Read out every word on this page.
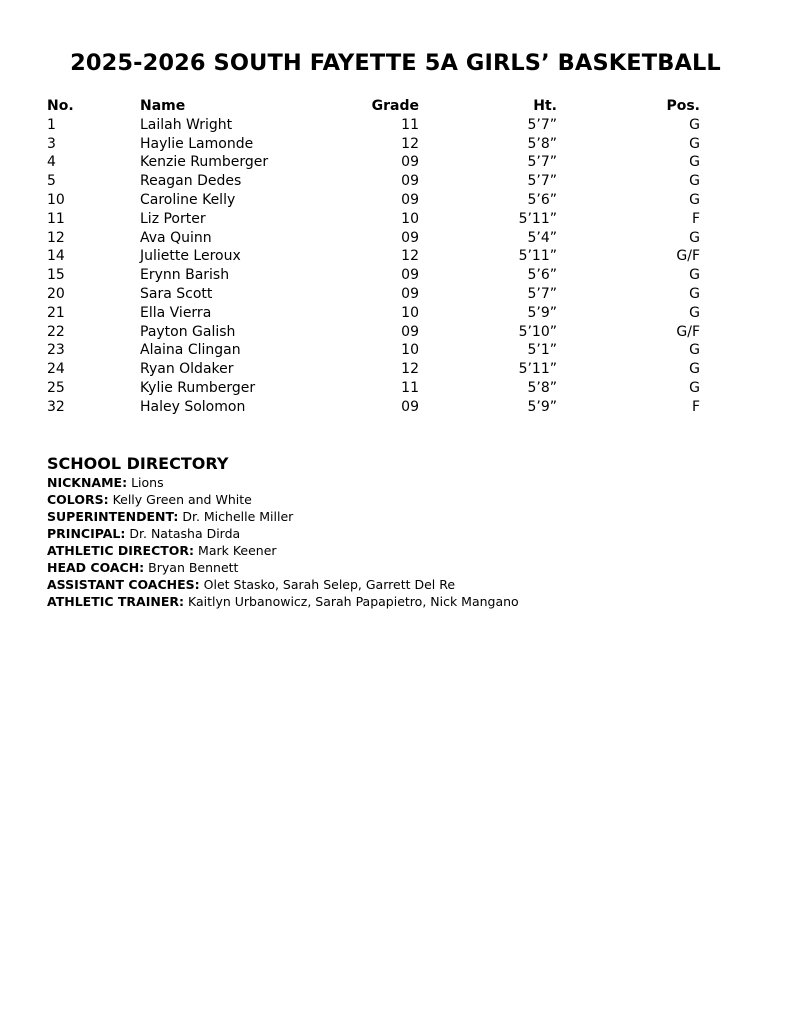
2025-2026 SOUTH FAYETTE 5A GIRLS’ BASKETBALL
No.	Name	Grade	Ht.	Pos.
1	Lailah Wright	11	5’7”	G
3	Haylie Lamonde	12	5’8”	G
4	Kenzie Rumberger	09	5’7”	G
5	Reagan Dedes	09	5’7”	G
10	Caroline Kelly	09	5’6”	G
11	Liz Porter	10	5’11”	F
12	Ava Quinn	09	5’4”	G
14	Juliette Leroux	12	5’11”	G/F
15	Erynn Barish	09	5’6”	G
20	Sara Scott	09	5’7”	G
21	Ella Vierra	10	5’9”	G
22	Payton Galish	09	5’10”	G/F
23	Alaina Clingan	10	5’1”	G
24	Ryan Oldaker	12	5’11”	G
25	Kylie Rumberger	11	5’8”	G
32	Haley Solomon	09	5’9”	F
SCHOOL DIRECTORY
NICKNAME: Lions
COLORS: Kelly Green and White
SUPERINTENDENT: Dr. Michelle Miller
PRINCIPAL: Dr. Natasha Dirda
ATHLETIC DIRECTOR: Mark Keener
HEAD COACH: Bryan Bennett
ASSISTANT COACHES: Olet Stasko, Sarah Selep, Garrett Del Re
ATHLETIC TRAINER: Kaitlyn Urbanowicz, Sarah Papapietro, Nick Mangano
